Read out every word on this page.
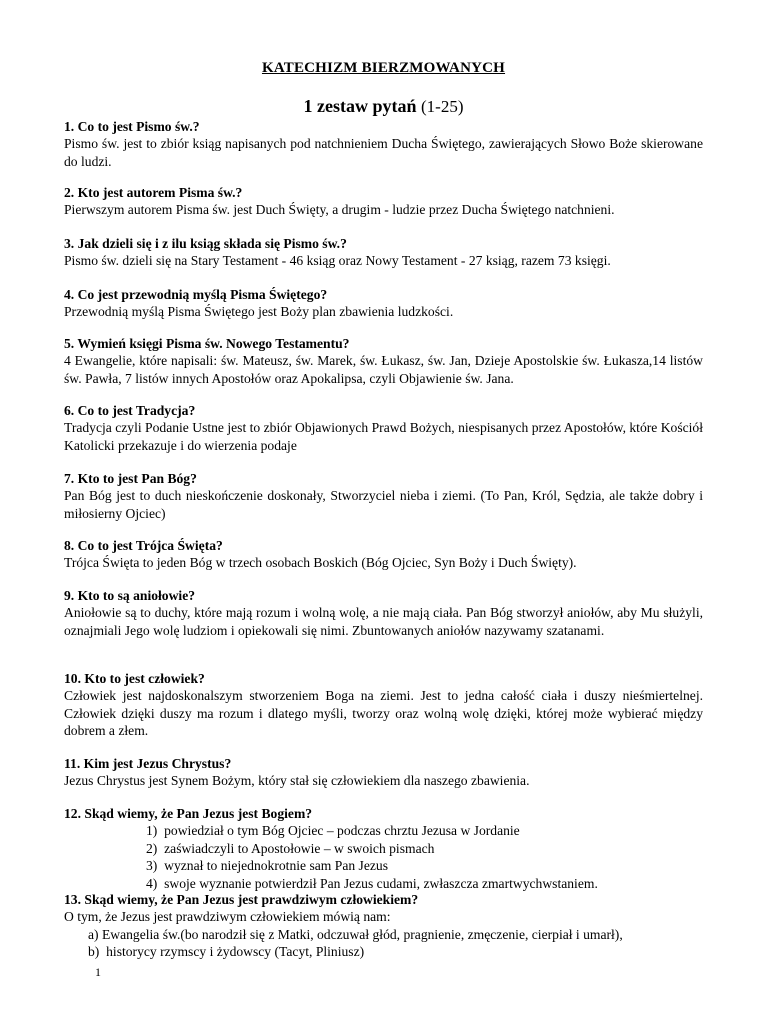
KATECHIZM BIERZMOWANYCH
1 zestaw pytań (1-25)
1. Co to jest Pismo św.?
Pismo św. jest to zbiór ksiąg napisanych pod natchnieniem Ducha Świętego, zawierających Słowo Boże skierowane do ludzi.
2. Kto jest autorem Pisma św.?
Pierwszym autorem Pisma św. jest Duch Święty, a drugim - ludzie przez Ducha Świętego natchnieni.
3. Jak dzieli się i z ilu ksiąg składa się Pismo św.?
Pismo św. dzieli się na Stary Testament - 46 ksiąg oraz Nowy Testament - 27 ksiąg, razem 73 księgi.
4. Co jest przewodnią myślą Pisma Świętego?
Przewodnią myślą Pisma Świętego jest Boży plan zbawienia ludzkości.
5. Wymień księgi Pisma św. Nowego Testamentu?
4 Ewangelie, które napisali: św. Mateusz, św. Marek, św. Łukasz, św. Jan, Dzieje Apostolskie św. Łukasza,14 listów św. Pawła, 7 listów innych Apostołów oraz Apokalipsa, czyli Objawienie św. Jana.
6. Co to jest Tradycja?
Tradycja czyli Podanie Ustne jest to zbiór Objawionych Prawd Bożych, niespisanych przez Apostołów, które Kościół Katolicki przekazuje i do wierzenia podaje
7. Kto to jest Pan Bóg?
Pan Bóg jest to duch nieskończenie doskonały, Stworzyciel nieba i ziemi. (To Pan, Król, Sędzia, ale także dobry i miłosierny Ojciec)
8. Co to jest Trójca Święta?
Trójca Święta to jeden Bóg w trzech osobach Boskich (Bóg Ojciec, Syn Boży i Duch Święty).
9. Kto to są aniołowie?
Aniołowie są to duchy, które mają rozum i wolną wolę, a nie mają ciała. Pan Bóg stworzył aniołów, aby Mu służyli, oznajmiali Jego wolę ludziom i opiekowali się nimi. Zbuntowanych aniołów nazywamy szatanami.
10. Kto to jest człowiek?
Człowiek jest najdoskonalszym stworzeniem Boga na ziemi. Jest to jedna całość ciała i duszy nieśmiertelnej. Człowiek dzięki duszy ma rozum i dlatego myśli, tworzy oraz wolną wolę dzięki, której może wybierać między dobrem a złem.
11. Kim jest Jezus Chrystus?
Jezus Chrystus jest Synem Bożym, który stał się człowiekiem dla naszego zbawienia.
12. Skąd wiemy, że Pan Jezus jest Bogiem?
1) powiedział o tym Bóg Ojciec – podczas chrztu Jezusa w Jordanie
2) zaświadczyli to Apostołowie – w swoich pismach
3) wyznał to niejednokrotnie sam Pan Jezus
4) swoje wyznanie potwierdził Pan Jezus cudami, zwłaszcza zmartwychwstaniem.
13. Skąd wiemy, że Pan Jezus jest prawdziwym człowiekiem?
O tym, że Jezus jest prawdziwym człowiekiem mówią nam:
a) Ewangelia św.(bo narodził się z Matki, odczuwał głód, pragnienie, zmęczenie, cierpiał i umarł),
b) historycy rzymscy i żydowscy (Tacyt, Pliniusz)
1
